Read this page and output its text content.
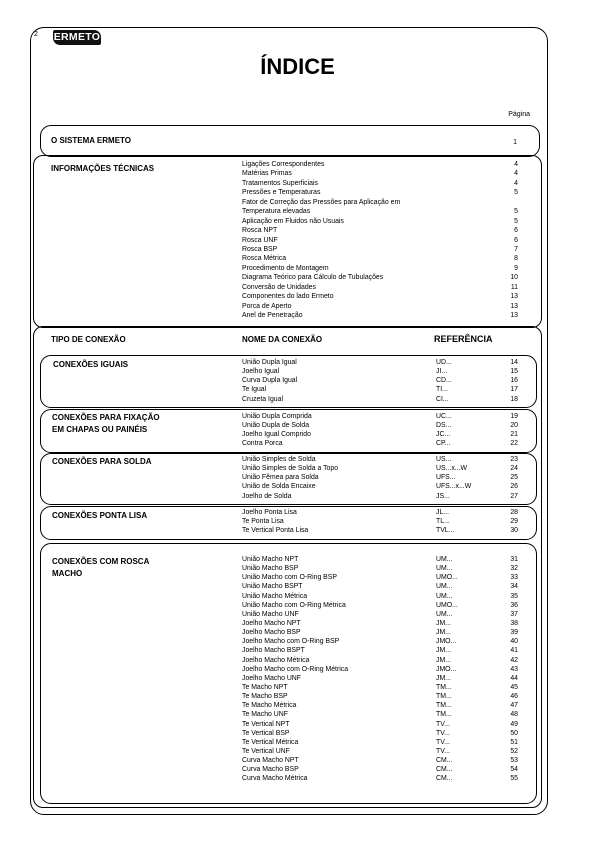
2 ERMETO
ÍNDICE
Página
O SISTEMA ERMETO	1
INFORMAÇÕES TÉCNICAS	Ligações Correspondentes	4
Matérias Primas	4
Tratamentos Superficiais	4
Pressões e Temperaturas	5
Fator de Correção das Pressões para Aplicação em
Temperatura elevadas	5
Aplicação em Fluidos não Usuais	5
Rosca NPT	6
Rosca UNF	6
Rosca BSP	7
Rosca Métrica	8
Procedimento de Montagem	9
Diagrama Teórico para Cálculo de Tubulações	10
Conversão de Unidades	11
Componentes do lado Ermeto	13
Porca de Aperto	13
Anel de Penetração	13
TIPO DE CONEXÃO	NOME DA CONEXÃO	REFERÊNCIA
CONEXÕES IGUAIS	União Dupla Igual	UD...	14
Joelho Igual	JI...	15
Curva Dupla Igual	CD...	16
Te Igual	TI...	17
Cruzeta Igual	CI...	18
CONEXÕES PARA FIXAÇÃO
EM CHAPAS OU PAINÉIS
União Dupla Comprida	UC...	19
União Dupla de Solda	DS...	20
Joelho Igual Comprido	JC...	21
Contra Porca	CP...	22
CONEXÕES PARA SOLDA	União Simples de Solda	US...	23
União Simples de Solda a Topo	US...x...W	24
União Fêmea para Solda	UFS...	25
União de Solda Encaixe	UFS...x...W	26
Joelho de Solda	JS...	27
CONEXÕES PONTA LISA	Joelho Ponta Lisa	JL...	28
Te Ponta Lisa	TL...	29
Te Vertical Ponta Lisa	TVL...	30
CONEXÕES COM ROSCA
MACHO
União Macho NPT	UM...	31
União Macho BSP	UM...	32
União Macho com O-Ring BSP	UMO...	33
União Macho BSPT	UM...	34
União Macho Métrica	UM...	35
União Macho com O-Ring Métrica	UMO...	36
União Macho UNF	UM...	37
Joelho Macho NPT	JM...	38
Joelho Macho BSP	JM...	39
Joelho Macho com O-Ring BSP	JMO...	40
Joelho Macho BSPT	JM...	41
Joelho Macho Métrica	JM...	42
Joelho Macho com O-Ring Métrica	JMO...	43
Joelho Macho UNF	JM...	44
Te Macho NPT	TM...	45
Te Macho BSP	TM...	46
Te Macho Métrica	TM...	47
Te Macho UNF	TM...	48
Te Vertical NPT	TV...	49
Te Vertical BSP	TV...	50
Te Vertical Métrica	TV...	51
Te Vertical UNF	TV...	52
Curva Macho NPT	CM...	53
Curva Macho BSP	CM...	54
Curva Macho Métrica	CM...	55
